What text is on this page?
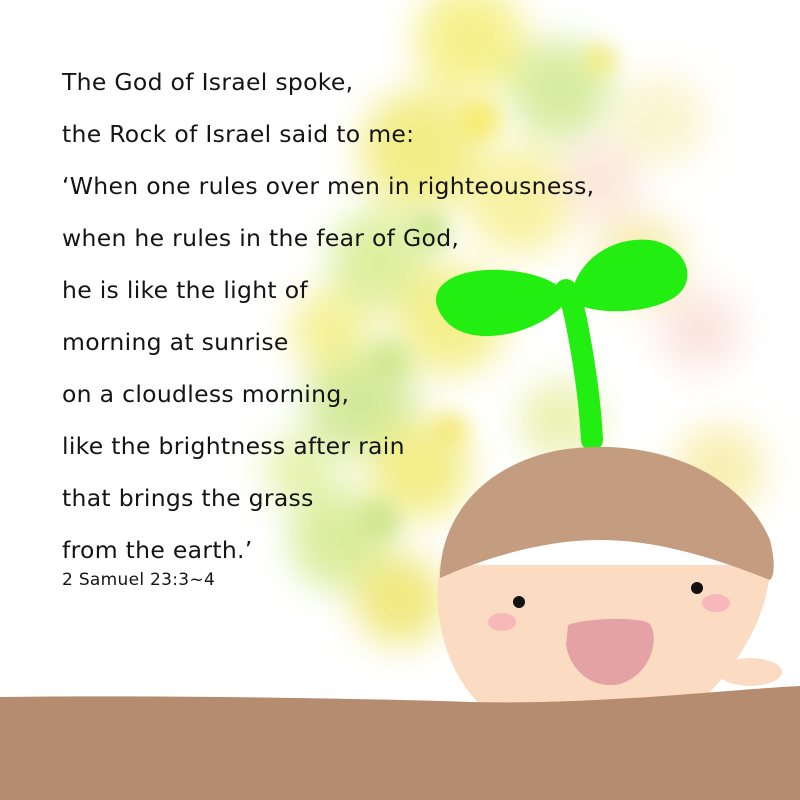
The God of Israel spoke,
the Rock of Israel said to me:
‘When one rules over men in righteousness,
when he rules in the fear of God,
he is like the light of
morning at sunrise
on a cloudless morning,
like the brightness after rain
that brings the grass
from the earth.’
2 Samuel 23:3~4
